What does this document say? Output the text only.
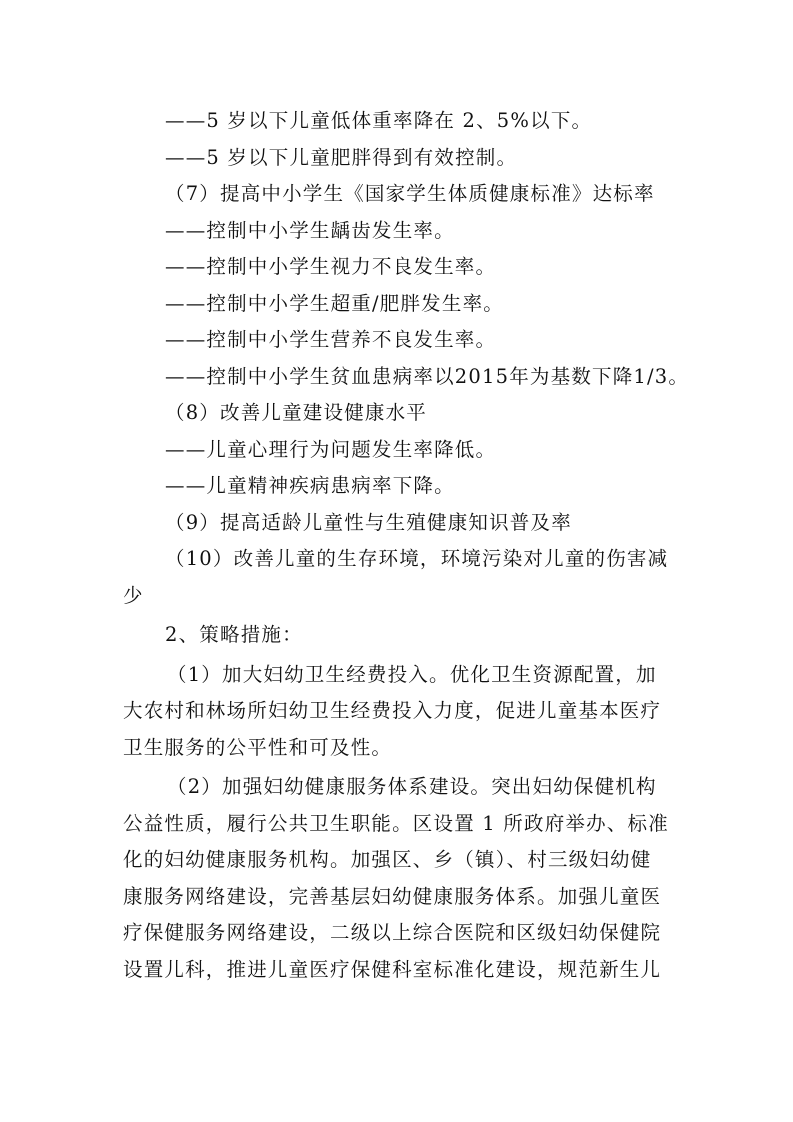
——5 岁以下儿童低体重率降在 2、5%以下。
——5 岁以下儿童肥胖得到有效控制。
（7）提高中小学生《国家学生体质健康标准》达标率
——控制中小学生龋齿发生率。
——控制中小学生视力不良发生率。
——控制中小学生超重/肥胖发生率。
——控制中小学生营养不良发生率。
——控制中小学生贫血患病率以2015年为基数下降1/3。
（8）改善儿童建设健康水平
——儿童心理行为问题发生率降低。
——儿童精神疾病患病率下降。
（9）提高适龄儿童性与生殖健康知识普及率
（10）改善儿童的生存环境，环境污染对儿童的伤害减
少
2、策略措施：
（1）加大妇幼卫生经费投入。优化卫生资源配置，加
大农村和林场所妇幼卫生经费投入力度，促进儿童基本医疗
卫生服务的公平性和可及性。
（2）加强妇幼健康服务体系建设。突出妇幼保健机构
公益性质，履行公共卫生职能。区设置 1 所政府举办、标准
化的妇幼健康服务机构。加强区、乡（镇）、村三级妇幼健
康服务网络建设，完善基层妇幼健康服务体系。加强儿童医
疗保健服务网络建设，二级以上综合医院和区级妇幼保健院
设置儿科，推进儿童医疗保健科室标准化建设，规范新生儿
